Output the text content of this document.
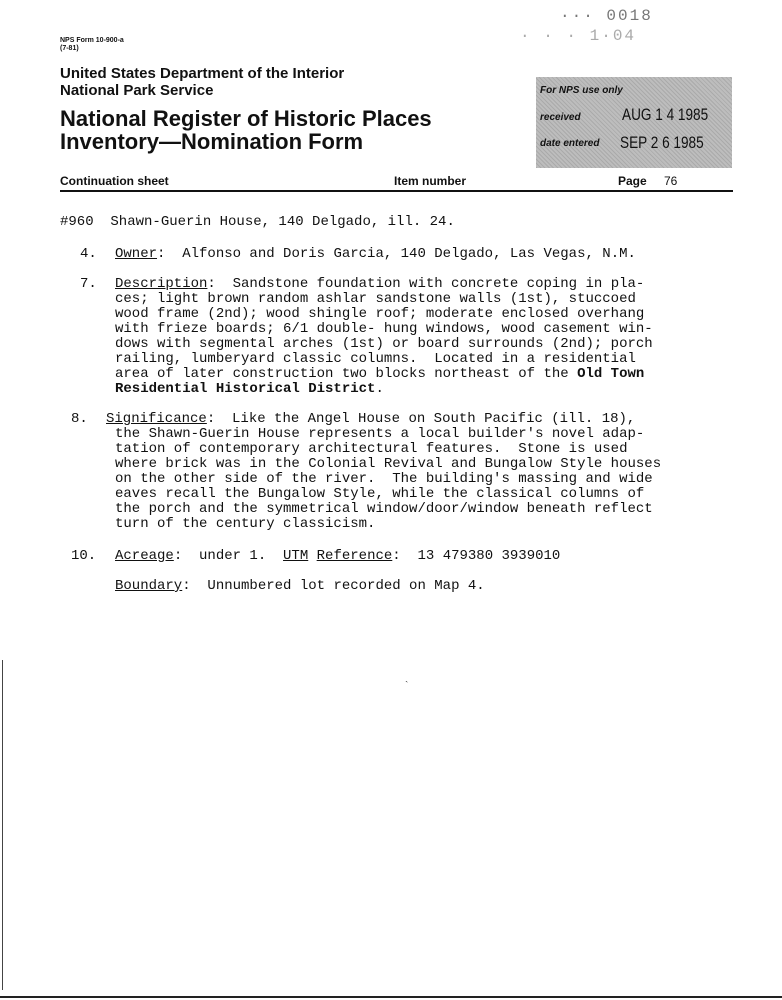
NPS Form 10-900-a
(7-81)
United States Department of the Interior
National Park Service
National Register of Historic Places
Inventory—Nomination Form
··· 0018
· · · 1·04
For NPS use only
received AUG 1 4 1985
date entered SEP 2 6 1985
Continuation sheet	Item number	Page 76
#960  Shawn-Guerin House, 140 Delgado, ill. 24.
4. Owner:  Alfonso and Doris Garcia, 140 Delgado, Las Vegas, N.M.
7. Description:  Sandstone foundation with concrete coping in pla-
ces; light brown random ashlar sandstone walls (1st), stuccoed
wood frame (2nd); wood shingle roof; moderate enclosed overhang
with frieze boards; 6/1 double- hung windows, wood casement win-
dows with segmental arches (1st) or board surrounds (2nd); porch
railing, lumberyard classic columns.  Located in a residential
area of later construction two blocks northeast of the Old Town
Residential Historical District.
8. Significance:  Like the Angel House on South Pacific (ill. 18),
the Shawn-Guerin House represents a local builder's novel adap-
tation of contemporary architectural features.  Stone is used
where brick was in the Colonial Revival and Bungalow Style houses
on the other side of the river.  The building's massing and wide
eaves recall the Bungalow Style, while the classical columns of
the porch and the symmetrical window/door/window beneath reflect
turn of the century classicism.
10. Acreage:  under 1.  UTM Reference:  13 479380 3939010
Boundary:  Unnumbered lot recorded on Map 4.
ˏ
